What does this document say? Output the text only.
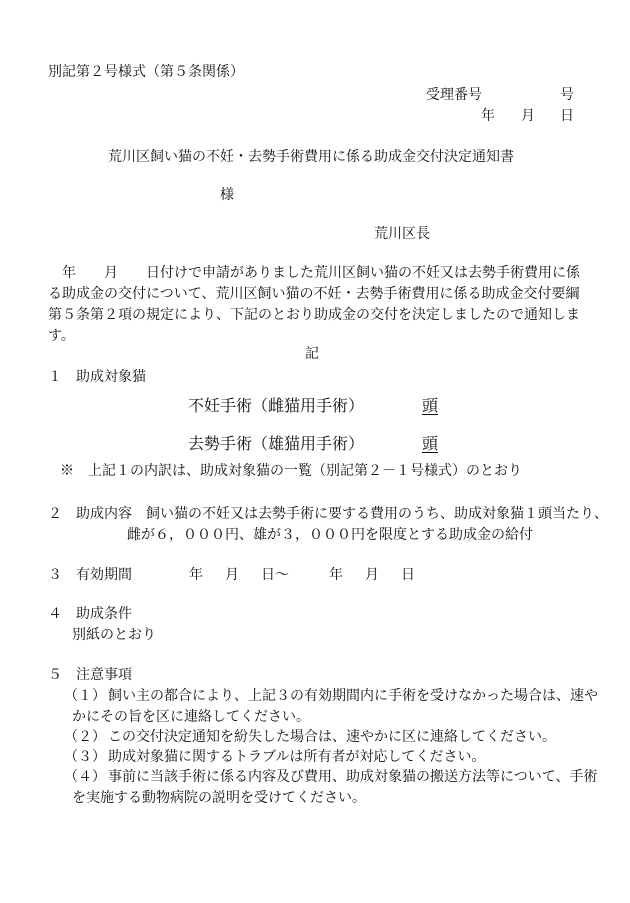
別記第２号様式（第５条関係）
受理番号	号
年 月 日
荒川区飼い猫の不妊・去勢手術費用に係る助成金交付決定通知書
様
荒川区長
　年　　月　　日付けで申請がありました荒川区飼い猫の不妊又は去勢手術費用に係る助成金の交付について、荒川区飼い猫の不妊・去勢手術費用に係る助成金交付要綱第５条第２項の規定により、下記のとおり助成金の交付を決定しましたので通知します。
記
１　助成対象猫
不妊手術（雌猫用手術）	頭
去勢手術（雄猫用手術）	頭
※　上記１の内訳は、助成対象猫の一覧（別記第２－１号様式）のとおり
２　助成内容　飼い猫の不妊又は去勢手術に要する費用のうち、助成対象猫１頭当たり、
雌が６，０００円、雄が３，０００円を限度とする助成金の給付
３　有効期間	年 月 日～	年 月 日
４　助成条件
別紙のとおり
５　注意事項
（１） 飼い主の都合により、上記３の有効期間内に手術を受けなかった場合は、速や
かにその旨を区に連絡してください。
（２） この交付決定通知を紛失した場合は、速やかに区に連絡してください。
（３） 助成対象猫に関するトラブルは所有者が対応してください。
（４） 事前に当該手術に係る内容及び費用、助成対象猫の搬送方法等について、手術
を実施する動物病院の説明を受けてください。
